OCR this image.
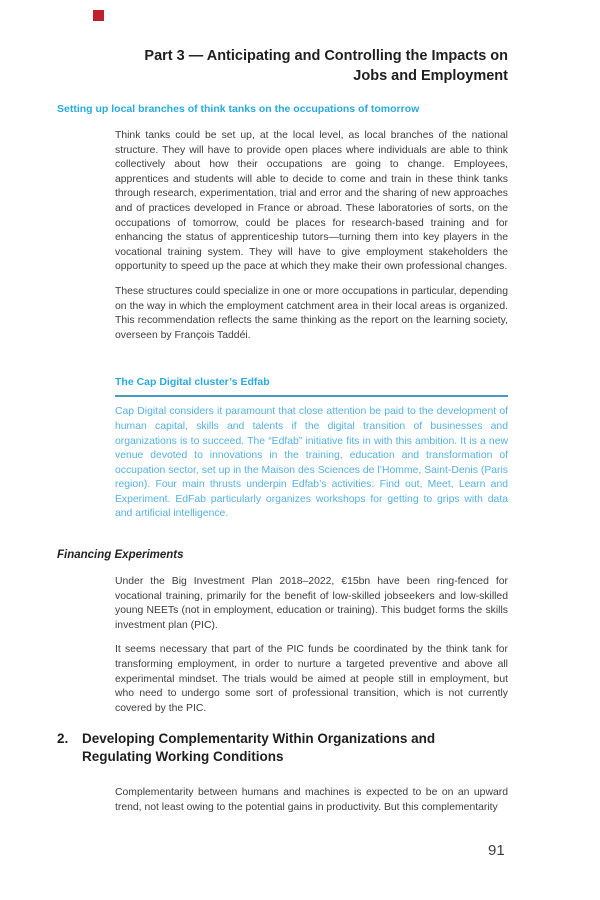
Part 3 — Anticipating and Controlling the Impacts on
Jobs and Employment
Setting up local branches of think tanks on the occupations of tomorrow

Think tanks could be set up, at the local level, as local branches of the national structure. They will have to provide open places where individuals are able to think collectively about how their occupations are going to change. Employees, apprentices and students will able to decide to come and train in these think tanks through research, experimentation, trial and error and the sharing of new approaches and of practices developed in France or abroad. These laboratories of sorts, on the occupations of tomorrow, could be places for research-based training and for enhancing the status of apprenticeship tutors—turning them into key players in the vocational training system. They will have to give employment stakeholders the opportunity to speed up the pace at which they make their own professional changes.

These structures could specialize in one or more occupations in particular, depending on the way in which the employment catchment area in their local areas is organized. This recommendation reflects the same thinking as the report on the learning society, overseen by François Taddéi.

The Cap Digital cluster’s Edfab

Cap Digital considers it paramount that close attention be paid to the development of human capital, skills and talents if the digital transition of businesses and organizations is to succeed. The “Edfab” initiative fits in with this ambition. It is a new venue devoted to innovations in the training, education and transformation of occupation sector, set up in the Maison des Sciences de l’Homme, Saint-Denis (Paris region). Four main thrusts underpin Edfab’s activities: Find out, Meet, Learn and Experiment. EdFab particularly organizes workshops for getting to grips with data and artificial intelligence.

Financing Experiments

Under the Big Investment Plan 2018–2022, €15bn have been ring-fenced for vocational training, primarily for the benefit of low-skilled jobseekers and low-skilled young NEETs (not in employment, education or training). This budget forms the skills investment plan (PIC).

It seems necessary that part of the PIC funds be coordinated by the think tank for transforming employment, in order to nurture a targeted preventive and above all experimental mindset. The trials would be aimed at people still in employment, but who need to undergo some sort of professional transition, which is not currently covered by the PIC.

2.	Developing Complementarity Within Organizations and Regulating Working Conditions

Complementarity between humans and machines is expected to be on an upward trend, not least owing to the potential gains in productivity. But this complementarity

91
